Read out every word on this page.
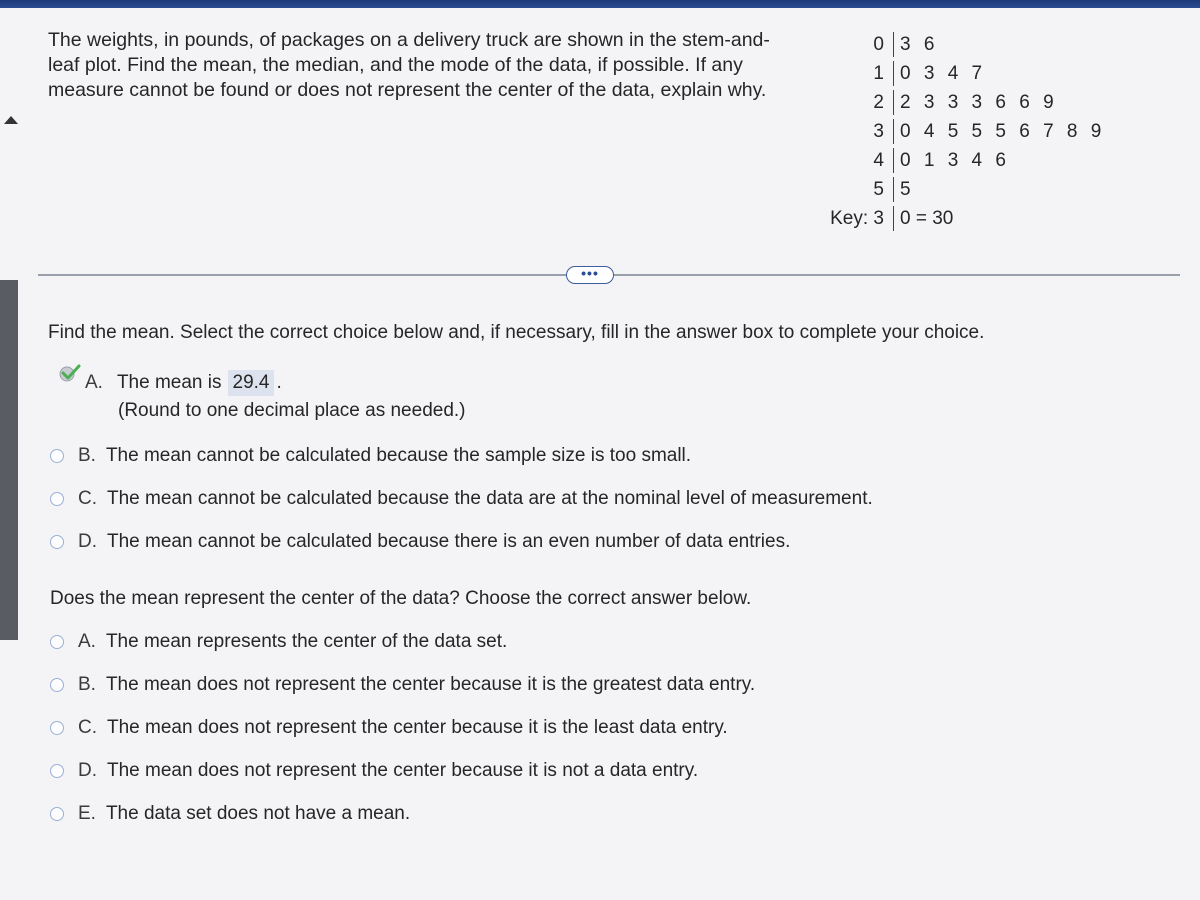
The weights, in pounds, of packages on a delivery truck are shown in the stem-and-leaf plot. Find the mean, the median, and the mode of the data, if possible. If any measure cannot be found or does not represent the center of the data, explain why.
0 3 6
1 0 3 4 7
2 2 3 3 3 6 6 9
3 0 4 5 5 5 6 7 8 9
4 0 1 3 4 6
5 5
Key: 3 0 = 30
•••
Find the mean. Select the correct choice below and, if necessary, fill in the answer box to complete your choice.
A. The mean is 29.4 .
(Round to one decimal place as needed.)
B. The mean cannot be calculated because the sample size is too small.
C. The mean cannot be calculated because the data are at the nominal level of measurement.
D. The mean cannot be calculated because there is an even number of data entries.
Does the mean represent the center of the data? Choose the correct answer below.
A. The mean represents the center of the data set.
B. The mean does not represent the center because it is the greatest data entry.
C. The mean does not represent the center because it is the least data entry.
D. The mean does not represent the center because it is not a data entry.
E. The data set does not have a mean.
